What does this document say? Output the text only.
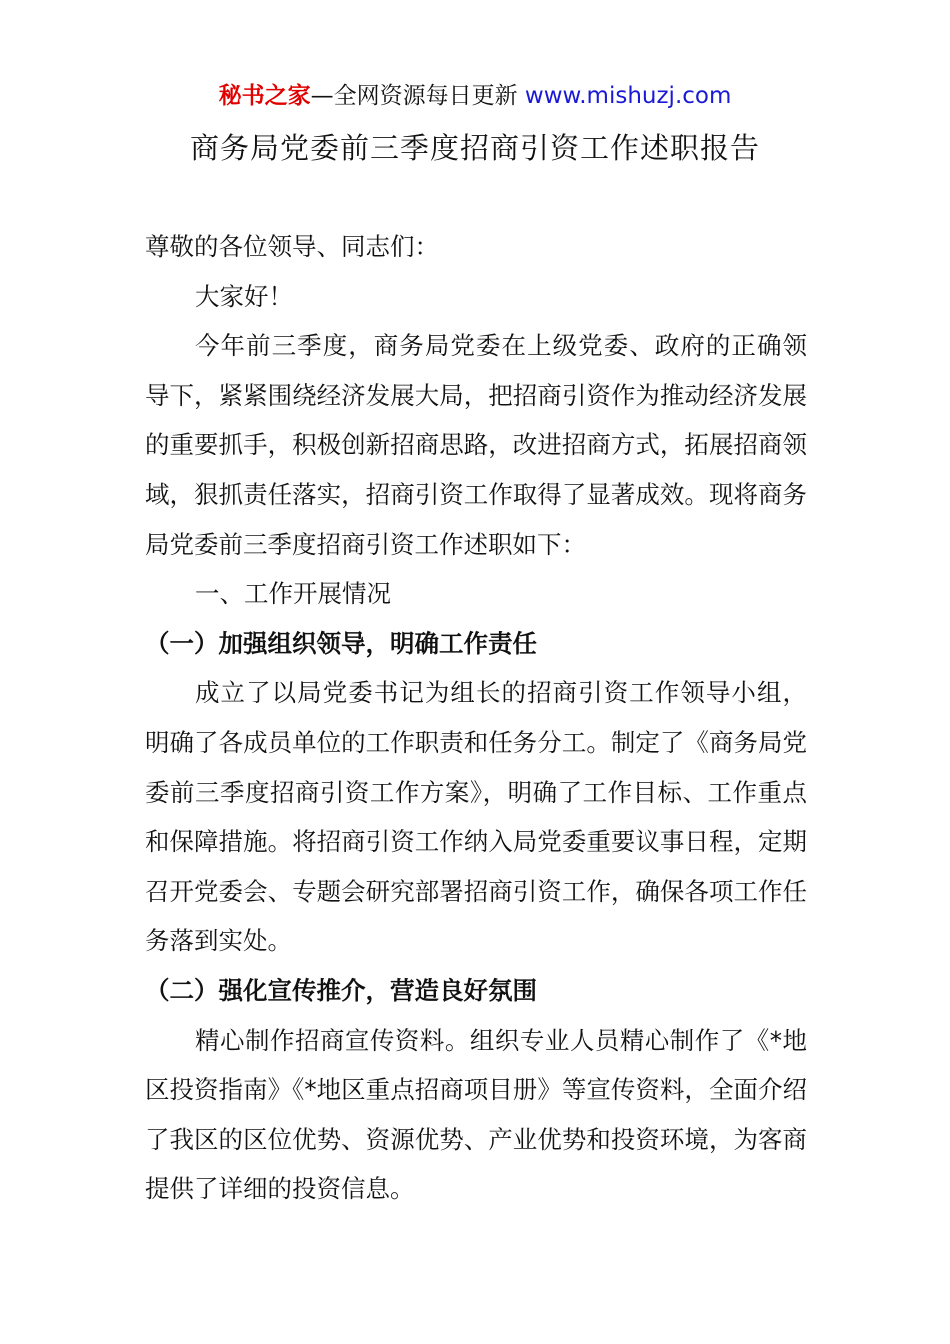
秘书之家—全网资源每日更新 www.mishuzj.com
商务局党委前三季度招商引资工作述职报告

尊敬的各位领导、同志们：

大家好！

今年前三季度，商务局党委在上级党委、政府的正确领导下，紧紧围绕经济发展大局，把招商引资作为推动经济发展的重要抓手，积极创新招商思路，改进招商方式，拓展招商领域，狠抓责任落实，招商引资工作取得了显著成效。现将商务局党委前三季度招商引资工作述职如下：

一、工作开展情况

（一）加强组织领导，明确工作责任

成立了以局党委书记为组长的招商引资工作领导小组，明确了各成员单位的工作职责和任务分工。制定了《商务局党委前三季度招商引资工作方案》，明确了工作目标、工作重点和保障措施。将招商引资工作纳入局党委重要议事日程，定期召开党委会、专题会研究部署招商引资工作，确保各项工作任务落到实处。

（二）强化宣传推介，营造良好氛围

精心制作招商宣传资料。组织专业人员精心制作了《*地区投资指南》《*地区重点招商项目册》等宣传资料，全面介绍了我区的区位优势、资源优势、产业优势和投资环境，为客商提供了详细的投资信息。
